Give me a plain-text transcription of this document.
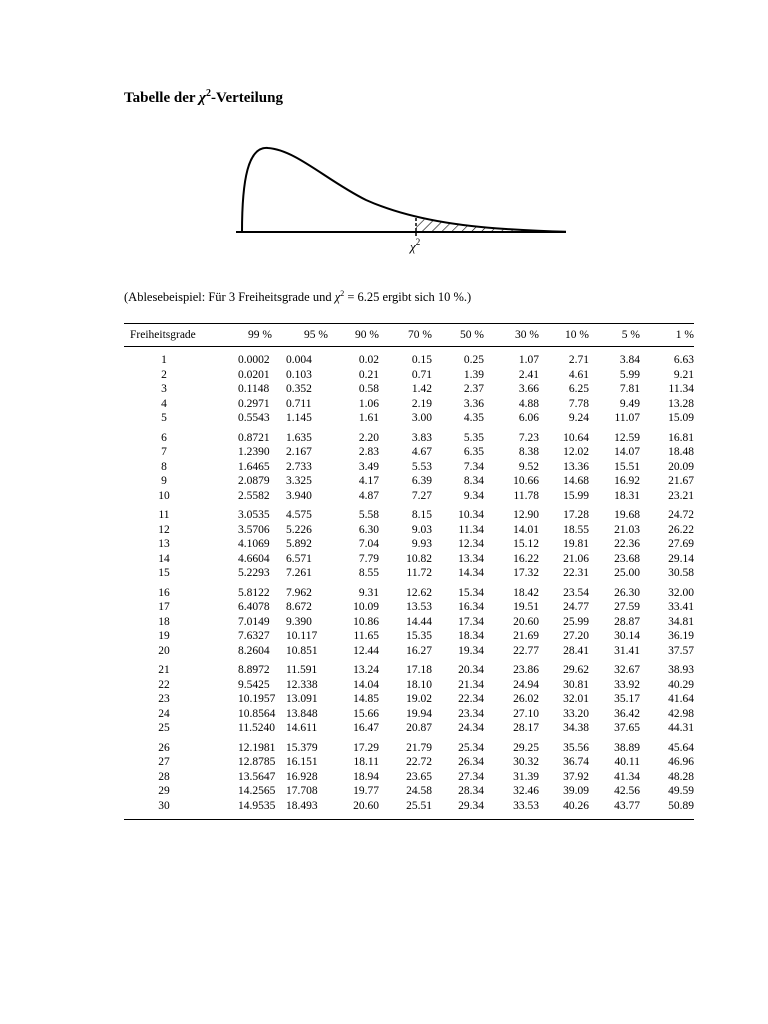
Tabelle der $\chi^2$-Verteilung
$\chi^2$
(Ablesebeispiel: Für 3 Freiheitsgrade und $\chi^2 = 6.25$ ergibt sich 10 %.)
Freiheitsgrade	99 %	95 %	90 %	70 %	50 %	30 %	10 %	5 %	1 %

1	0.0002	0.004	0.02	0.15	0.25	1.07	2.71	3.84	6.63
2	0.0201	0.103	0.21	0.71	1.39	2.41	4.61	5.99	9.21
3	0.1148	0.352	0.58	1.42	2.37	3.66	6.25	7.81	11.34
4	0.2971	0.711	1.06	2.19	3.36	4.88	7.78	9.49	13.28
5	0.5543	1.145	1.61	3.00	4.35	6.06	9.24	11.07	15.09

6	0.8721	1.635	2.20	3.83	5.35	7.23	10.64	12.59	16.81
7	1.2390	2.167	2.83	4.67	6.35	8.38	12.02	14.07	18.48
8	1.6465	2.733	3.49	5.53	7.34	9.52	13.36	15.51	20.09
9	2.0879	3.325	4.17	6.39	8.34	10.66	14.68	16.92	21.67
10	2.5582	3.940	4.87	7.27	9.34	11.78	15.99	18.31	23.21

11	3.0535	4.575	5.58	8.15	10.34	12.90	17.28	19.68	24.72
12	3.5706	5.226	6.30	9.03	11.34	14.01	18.55	21.03	26.22
13	4.1069	5.892	7.04	9.93	12.34	15.12	19.81	22.36	27.69
14	4.6604	6.571	7.79	10.82	13.34	16.22	21.06	23.68	29.14
15	5.2293	7.261	8.55	11.72	14.34	17.32	22.31	25.00	30.58

16	5.8122	7.962	9.31	12.62	15.34	18.42	23.54	26.30	32.00
17	6.4078	8.672	10.09	13.53	16.34	19.51	24.77	27.59	33.41
18	7.0149	9.390	10.86	14.44	17.34	20.60	25.99	28.87	34.81
19	7.6327	10.117	11.65	15.35	18.34	21.69	27.20	30.14	36.19
20	8.2604	10.851	12.44	16.27	19.34	22.77	28.41	31.41	37.57

21	8.8972	11.591	13.24	17.18	20.34	23.86	29.62	32.67	38.93
22	9.5425	12.338	14.04	18.10	21.34	24.94	30.81	33.92	40.29
23	10.1957	13.091	14.85	19.02	22.34	26.02	32.01	35.17	41.64
24	10.8564	13.848	15.66	19.94	23.34	27.10	33.20	36.42	42.98
25	11.5240	14.611	16.47	20.87	24.34	28.17	34.38	37.65	44.31

26	12.1981	15.379	17.29	21.79	25.34	29.25	35.56	38.89	45.64
27	12.8785	16.151	18.11	22.72	26.34	30.32	36.74	40.11	46.96
28	13.5647	16.928	18.94	23.65	27.34	31.39	37.92	41.34	48.28
29	14.2565	17.708	19.77	24.58	28.34	32.46	39.09	42.56	49.59
30	14.9535	18.493	20.60	25.51	29.34	33.53	40.26	43.77	50.89
